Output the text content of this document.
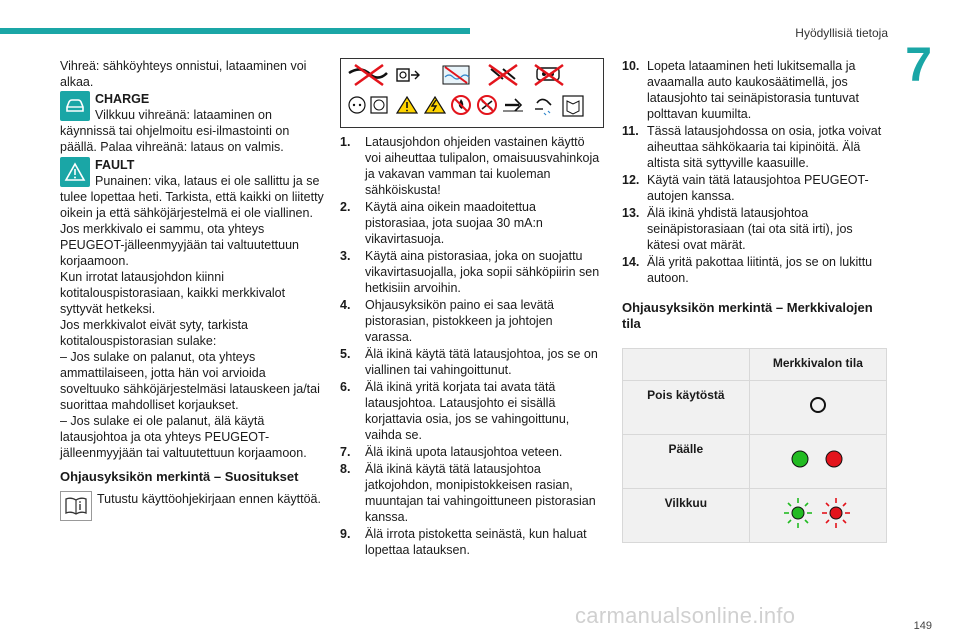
Hyödyllisiä tietoja
7

Vihreä: sähköyhteys onnistui, lataaminen voi alkaa.

CHARGE

Vilkkuu vihreänä: lataaminen on käynnissä tai ohjelmoitu esi-ilmastointi on päällä. Palaa vihreänä: lataus on valmis.

FAULT

Punainen: vika, lataus ei ole sallittu ja se tulee lopettaa heti. Tarkista, että kaikki on liitetty oikein ja että sähköjärjestelmä ei ole viallinen.

Jos merkkivalo ei sammu, ota yhteys PEUGEOT-jälleenmyyjään tai valtuutettuun korjaamoon.

Kun irrotat latausjohdon kiinni kotitalouspistorasiaan, kaikki merkkivalot syttyvät hetkeksi.

Jos merkkivalot eivät syty, tarkista kotitalouspistorasian sulake:

– Jos sulake on palanut, ota yhteys ammattilaiseen, jotta hän voi arvioida soveltuuko sähköjärjestelmäsi latauskeen ja/tai suorittaa mahdolliset korjaukset.

– Jos sulake ei ole palanut, älä käytä latausjohtoa ja ota yhteys PEUGEOT-jälleenmyyjään tai valtuutettuun korjaamoon.

Ohjausyksikön merkintä – Suositukset

Tutustu käyttöohjekirjaan ennen käyttöä.

1.	Latausjohdon ohjeiden vastainen käyttö voi aiheuttaa tulipalon, omaisuusvahinkoja ja vakavan vamman tai kuoleman sähköiskusta!
2.	Käytä aina oikein maadoitettua pistorasiaa, jota suojaa 30 mA:n vikavirtasuoja.
3.	Käytä aina pistorasiaa, joka on suojattu vikavirtasuojalla, joka sopii sähköpiirin sen hetkisiin arvoihin.
4.	Ohjausyksikön paino ei saa levätä pistorasian, pistokkeen ja johtojen varassa.
5.	Älä ikinä käytä tätä latausjohtoa, jos se on viallinen tai vahingoittunut.
6.	Älä ikinä yritä korjata tai avata tätä latausjohtoa. Latausjohto ei sisällä korjattavia osia, jos se vahingoittunu, vaihda se.
7.	Älä ikinä upota latausjohtoa veteen.
8.	Älä ikinä käytä tätä latausjohtoa jatkojohdon, monipistokkeisen rasian, muuntajan tai vahingoittuneen pistorasian kanssa.
9.	Älä irrota pistoketta seinästä, kun haluat lopettaa latauksen.
10. Lopeta lataaminen heti lukitsemalla ja avaamalla auto kaukosäätimellä, jos latausjohto tai seinäpistorasia tuntuvat polttavan kuumilta.
11. Tässä latausjohdossa on osia, jotka voivat aiheuttaa sähkökaaria tai kipinöitä. Älä altista sitä syttyville kaasuille.
12. Käytä vain tätä latausjohtoa PEUGEOT-autojen kanssa.
13. Älä ikinä yhdistä latausjohtoa seinäpistorasiaan (tai ota sitä irti), jos kätesi ovat märät.
14. Älä yritä pakottaa liitintä, jos se on lukittu autoon.
Ohjausyksikön merkintä – Merkkivalojen tila
	Merkkivalon tila
Pois käytöstä	
Päälle	
Vilkkuu	
149
carmanualsonline.info
